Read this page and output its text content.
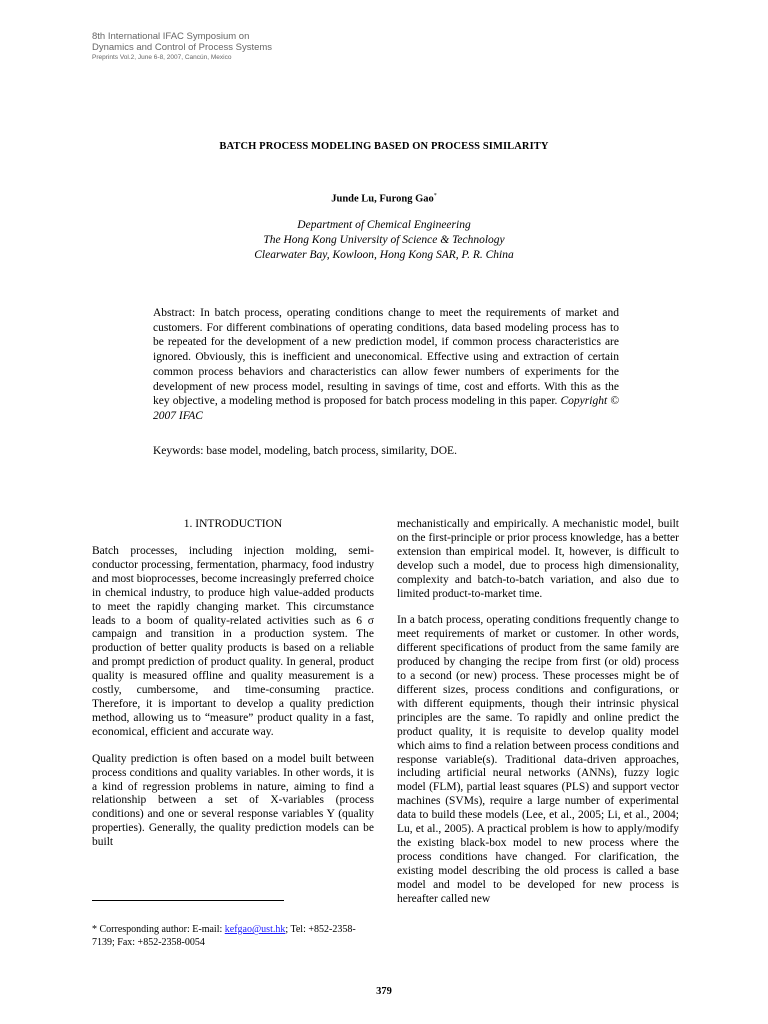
8th International IFAC Symposium on
Dynamics and Control of Process Systems
Preprints Vol.2, June 6-8, 2007, Cancún, Mexico
BATCH PROCESS MODELING BASED ON PROCESS SIMILARITY
Junde Lu, Furong Gao*
Department of Chemical Engineering
The Hong Kong University of Science & Technology
Clearwater Bay, Kowloon, Hong Kong SAR, P. R. China
Abstract: In batch process, operating conditions change to meet the requirements of market and customers. For different combinations of operating conditions, data based modeling process has to be repeated for the development of a new prediction model, if common process characteristics are ignored. Obviously, this is inefficient and uneconomical. Effective using and extraction of certain common process behaviors and characteristics can allow fewer numbers of experiments for the development of new process model, resulting in savings of time, cost and efforts. With this as the key objective, a modeling method is proposed for batch process modeling in this paper. Copyright © 2007 IFAC
Keywords: base model, modeling, batch process, similarity, DOE.
1. INTRODUCTION

Batch processes, including injection molding, semi-conductor processing, fermentation, pharmacy, food industry and most bioprocesses, become increasingly preferred choice in chemical industry, to produce high value-added products to meet the rapidly changing market. This circumstance leads to a boom of quality-related activities such as 6 σ campaign and transition in a production system. The production of better quality products is based on a reliable and prompt prediction of product quality. In general, product quality is measured offline and quality measurement is a costly, cumbersome, and time-consuming practice. Therefore, it is important to develop a quality prediction method, allowing us to “measure” product quality in a fast, economical, efficient and accurate way.

Quality prediction is often based on a model built between process conditions and quality variables. In other words, it is a kind of regression problems in nature, aiming to find a relationship between a set of X-variables (process conditions) and one or several response variables Y (quality properties). Generally, the quality prediction models can be built

mechanistically and empirically. A mechanistic model, built on the first-principle or prior process knowledge, has a better extension than empirical model. It, however, is difficult to develop such a model, due to process high dimensionality, complexity and batch-to-batch variation, and also due to limited product-to-market time.

In a batch process, operating conditions frequently change to meet requirements of market or customer. In other words, different specifications of product from the same family are produced by changing the recipe from first (or old) process to a second (or new) process. These processes might be of different sizes, process conditions and configurations, or with different equipments, though their intrinsic physical principles are the same. To rapidly and online predict the product quality, it is requisite to develop quality model which aims to find a relation between process conditions and response variable(s). Traditional data-driven approaches, including artificial neural networks (ANNs), fuzzy logic model (FLM), partial least squares (PLS) and support vector machines (SVMs), require a large number of experimental data to build these models (Lee, et al., 2005; Li, et al., 2004; Lu, et al., 2005). A practical problem is how to apply/modify the existing black-box model to new process where the process conditions have changed. For clarification, the existing model describing the old process is called a base model and model to be developed for new process is hereafter called new

* Corresponding author: E-mail: kefgao@ust.hk; Tel: +852-2358-7139; Fax: +852-2358-0054
379
